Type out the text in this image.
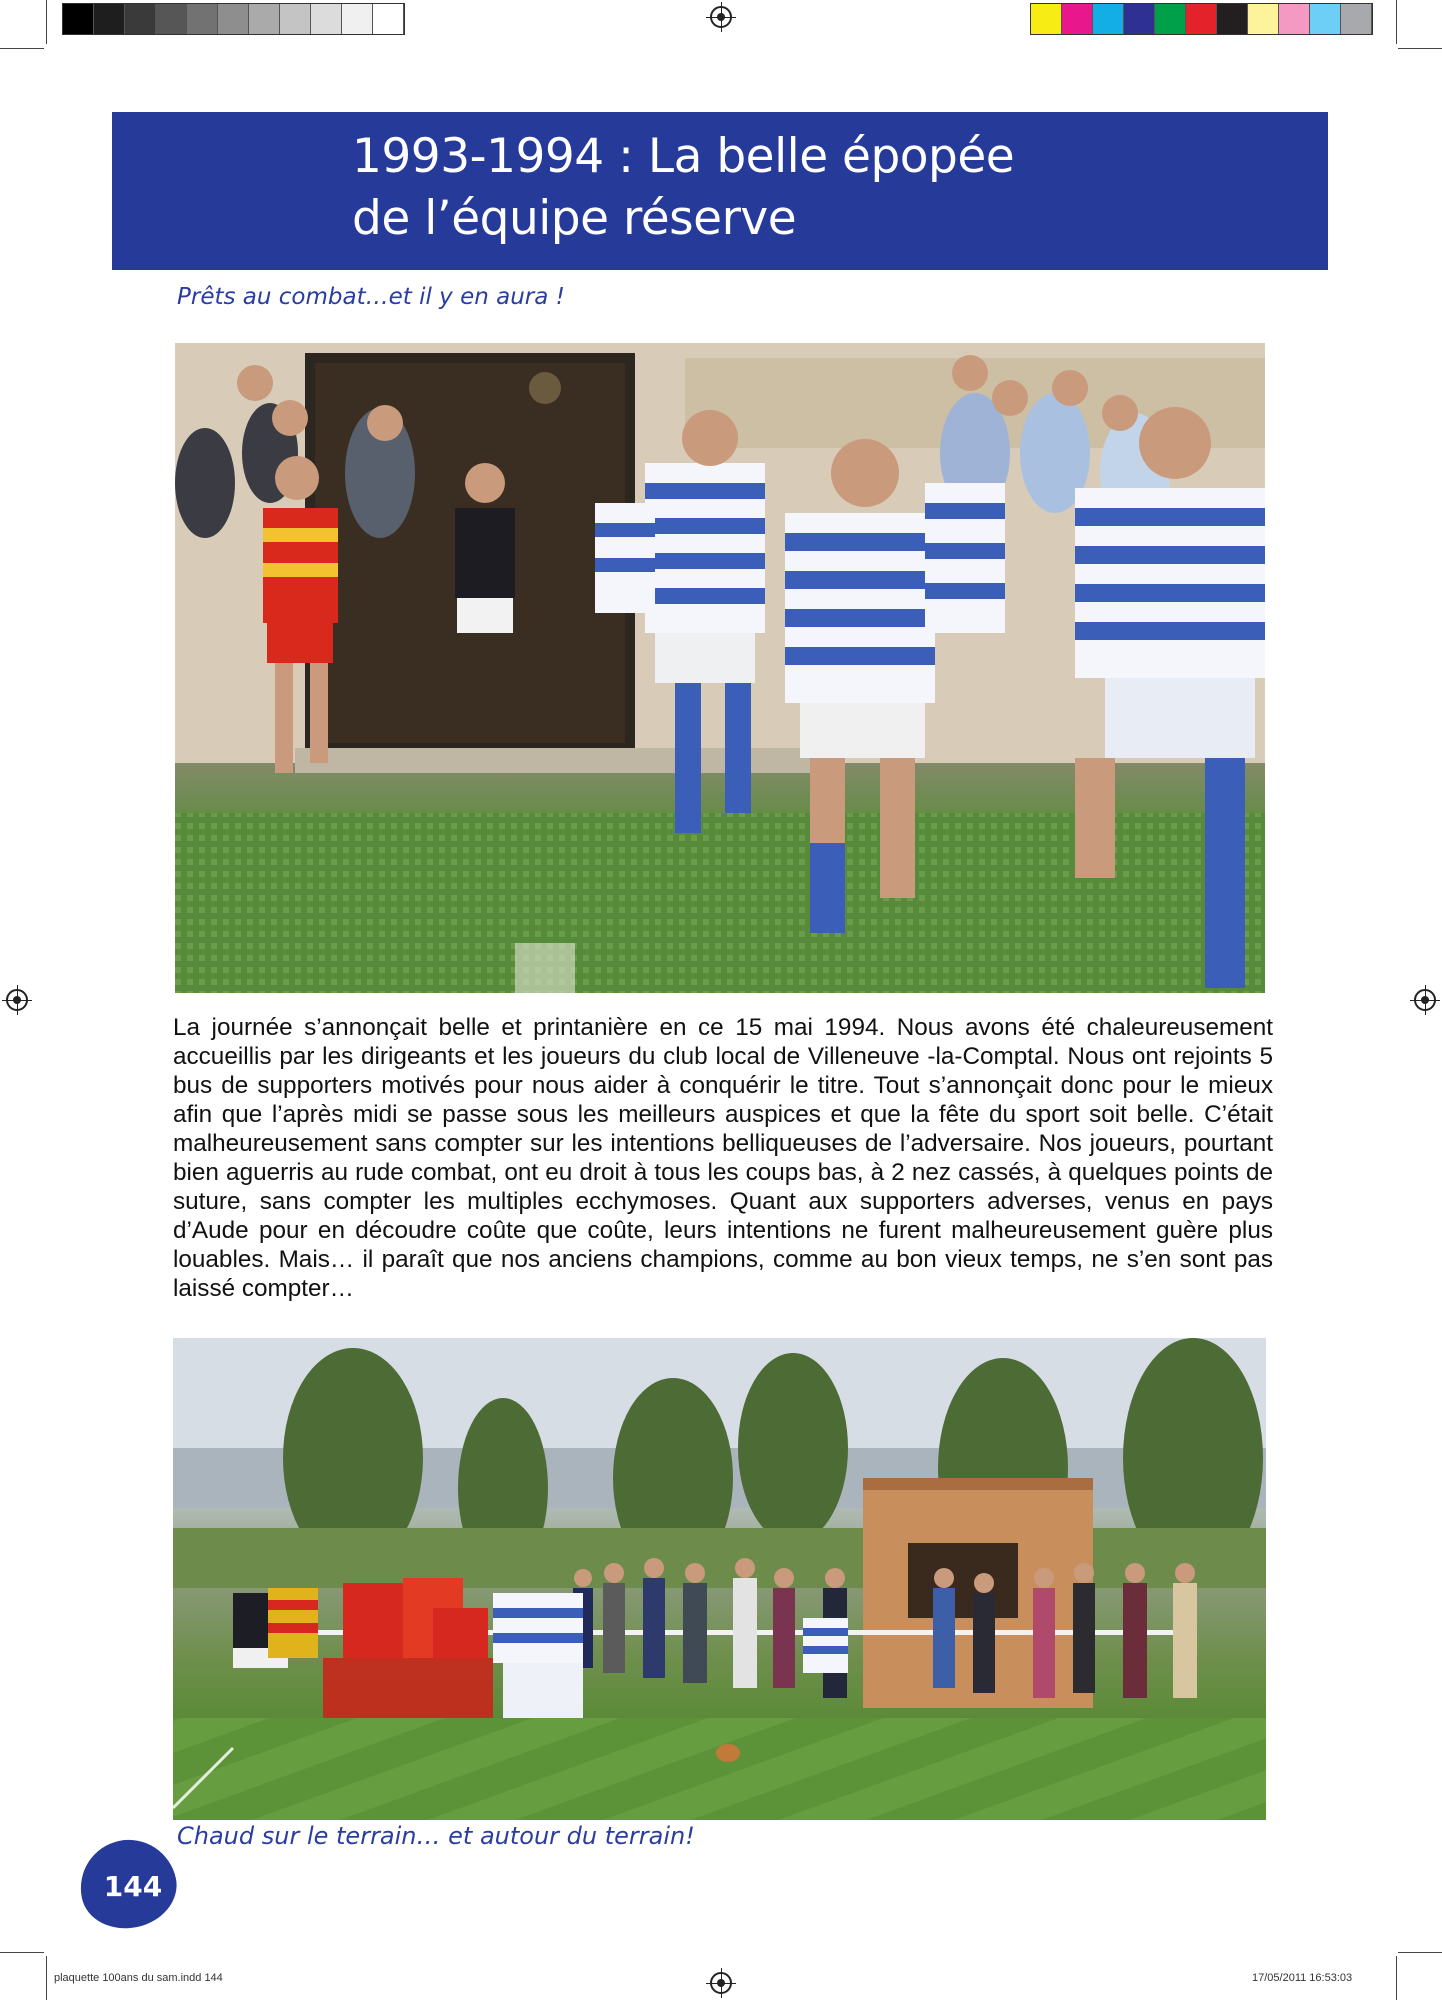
1993-1994 : La belle épopée
de l’équipe réserve
Prêts au combat…et il y en aura !
La journée s’annonçait belle et printanière en ce 15 mai 1994. Nous avons été chaleureusement accueillis par les dirigeants et les joueurs du club local de Villeneuve -la-Comptal. Nous ont rejoints 5 bus de supporters motivés pour nous aider à conquérir le titre. Tout s’annonçait donc pour le mieux afin que l’après midi se passe sous les meilleurs auspices et que la fête du sport soit belle. C’était malheureusement sans compter sur les intentions belliqueuses de l’adversaire. Nos joueurs, pourtant bien aguerris au rude combat, ont eu droit à tous les coups bas, à 2 nez cassés, à quelques points de suture, sans compter les multiples ecchymoses. Quant aux supporters adverses, venus en pays d’Aude pour en découdre coûte que coûte, leurs intentions ne furent malheureusement guère plus louables. Mais… il paraît que nos anciens champions, comme au bon vieux temps, ne s’en sont pas laissé compter…
Chaud sur le terrain… et autour du terrain!
144
plaquette 100ans du sam.indd 144	17/05/2011 16:53:03
